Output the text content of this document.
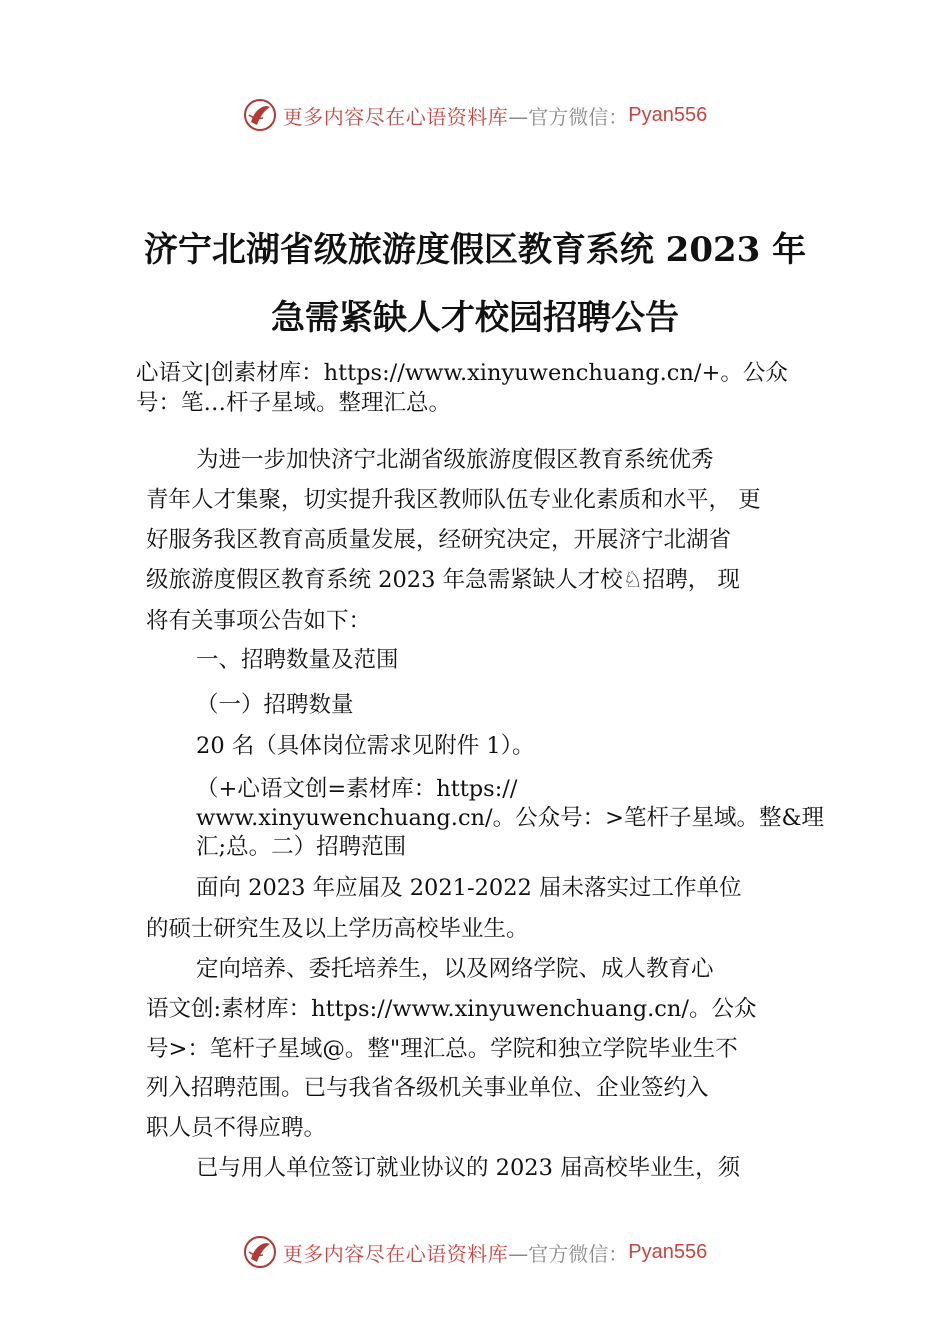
更多内容尽在心语资料库 —官方微信： Pyan556
济宁北湖省级旅游度假区教育系统 2023 年
急需紧缺人才校园招聘公告
心语文|创素材库：https://www.xinyuwenchuang.cn/+。公众
号：笔…杆子星域。整理汇总。
为进一步加快济宁北湖省级旅游度假区教育系统优秀
青年人才集聚，切实提升我区教师队伍专业化素质和水平， 更
好服务我区教育高质量发展，经研究决定，开展济宁北湖省
级旅游度假区教育系统 2023 年急需紧缺人才校♘招聘， 现
将有关事项公告如下：
一、招聘数量及范围
（一）招聘数量
20 名（具体岗位需求见附件 1）。
（+心语文创=素材库：https://
www.xinyuwenchuang.cn/。公众号：>笔杆子星域。整&理
汇;总。二）招聘范围
面向 2023 年应届及 2021-2022 届未落实过工作单位
的硕士研究生及以上学历高校毕业生。
定向培养、委托培养生，以及网络学院、成人教育心
语文创:素材库：https://www.xinyuwenchuang.cn/。公众
号>：笔杆子星域@。整"理汇总。学院和独立学院毕业生不
列入招聘范围。已与我省各级机关事业单位、企业签约入
职人员不得应聘。
已与用人单位签订就业协议的 2023 届高校毕业生，须
更多内容尽在心语资料库 —官方微信： Pyan556
